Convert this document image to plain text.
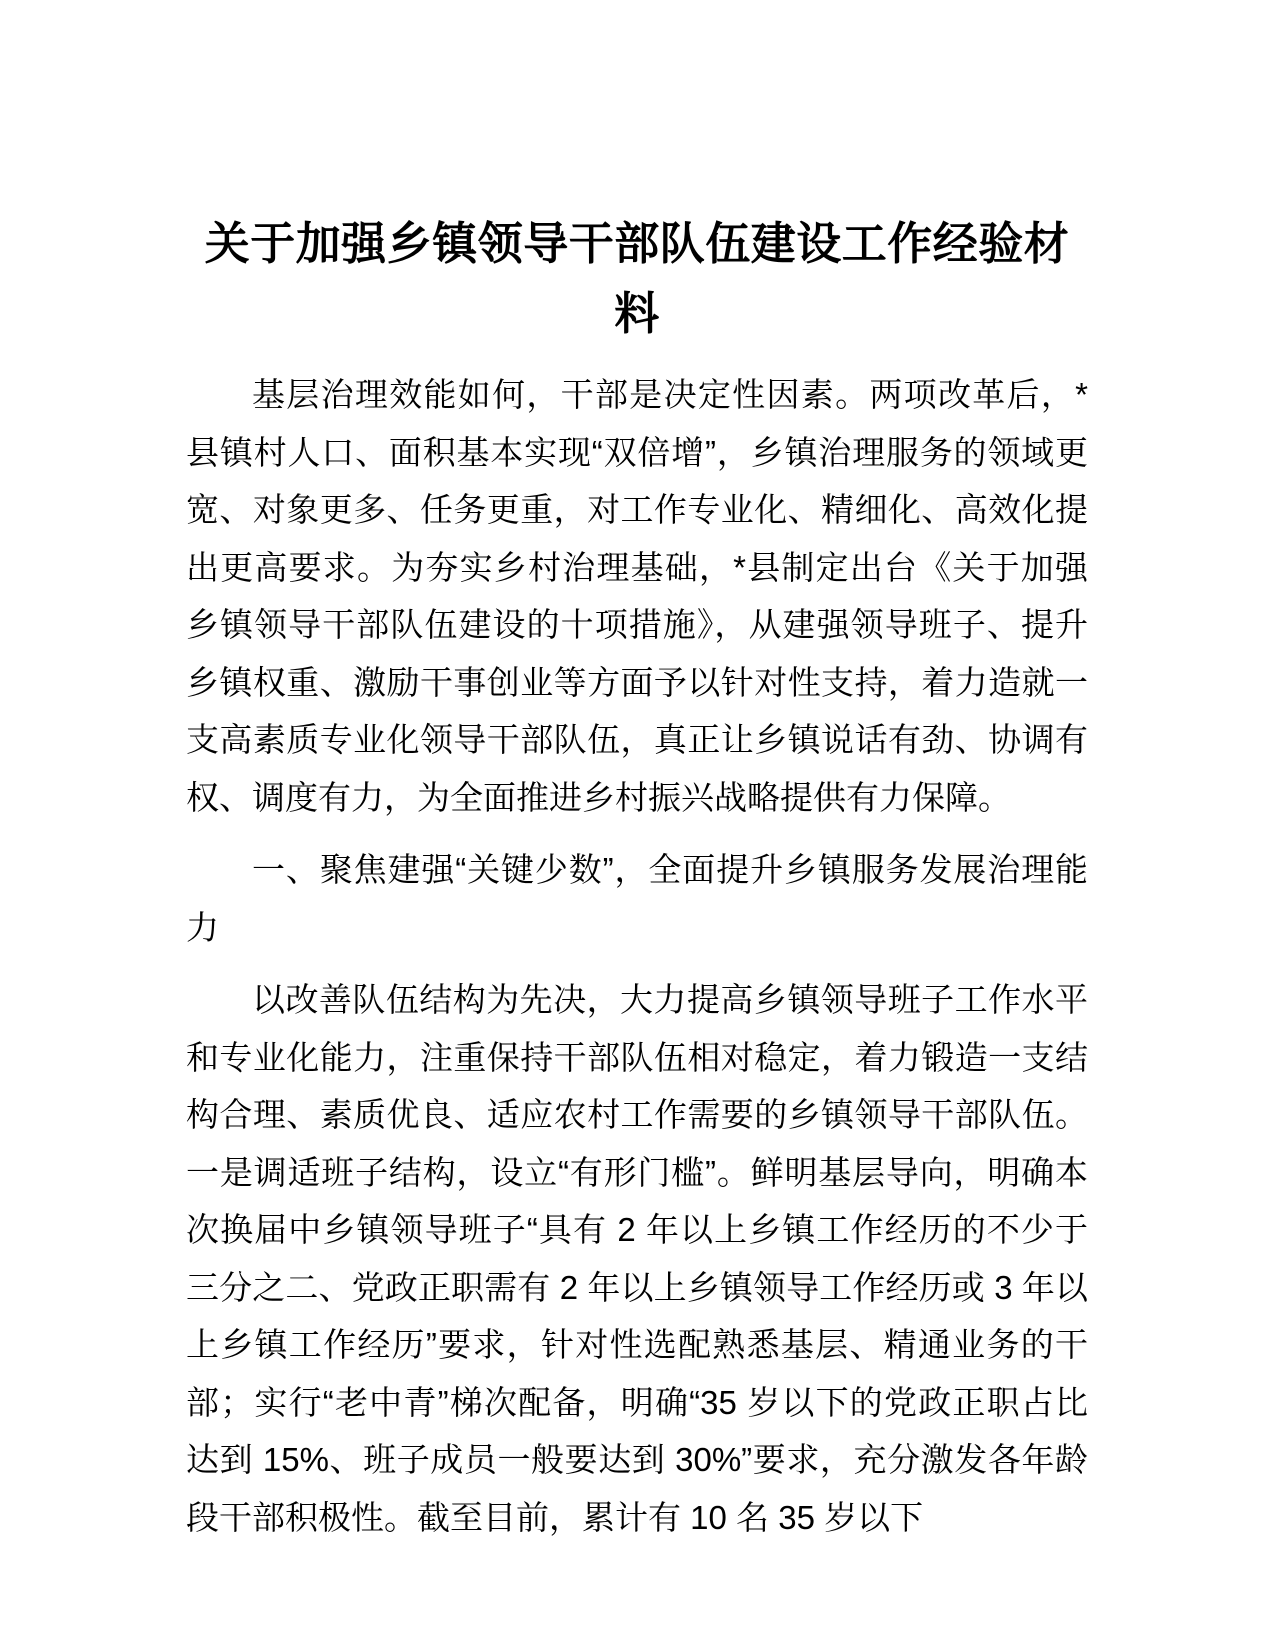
关于加强乡镇领导干部队伍建设工作经验材料

基层治理效能如何，干部是决定性因素。两项改革后，*县镇村人口、面积基本实现“双倍增”，乡镇治理服务的领域更宽、对象更多、任务更重，对工作专业化、精细化、高效化提出更高要求。为夯实乡村治理基础，*县制定出台《关于加强乡镇领导干部队伍建设的十项措施》，从建强领导班子、提升乡镇权重、激励干事创业等方面予以针对性支持，着力造就一支高素质专业化领导干部队伍，真正让乡镇说话有劲、协调有权、调度有力，为全面推进乡村振兴战略提供有力保障。

一、聚焦建强“关键少数”，全面提升乡镇服务发展治理能力

以改善队伍结构为先决，大力提高乡镇领导班子工作水平和专业化能力，注重保持干部队伍相对稳定，着力锻造一支结构合理、素质优良、适应农村工作需要的乡镇领导干部队伍。一是调适班子结构，设立“有形门槛”。鲜明基层导向，明确本次换届中乡镇领导班子“具有 2 年以上乡镇工作经历的不少于三分之二、党政正职需有 2 年以上乡镇领导工作经历或 3 年以上乡镇工作经历”要求，针对性选配熟悉基层、精通业务的干部；实行“老中青”梯次配备，明确“35 岁以下的党政正职占比达到 15%、班子成员一般要达到 30%”要求，充分激发各年龄段干部积极性。截至目前，累计有 10 名 35 岁以下
